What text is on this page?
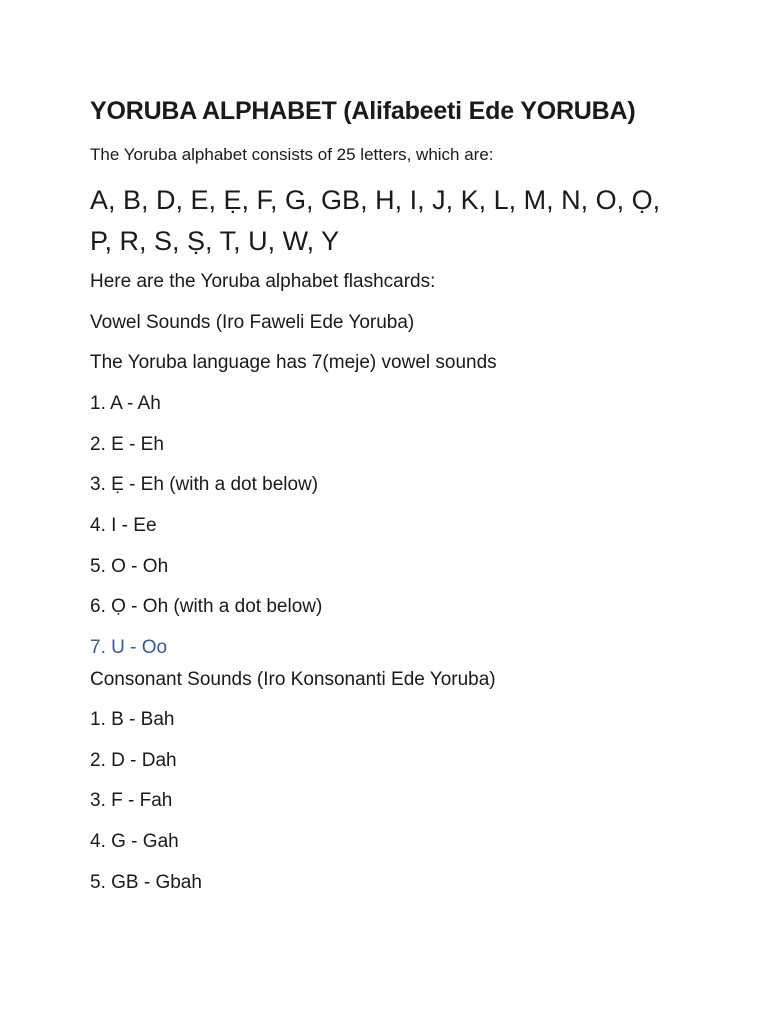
YORUBA ALPHABET (Alifabeeti Ede YORUBA)

The Yoruba alphabet consists of 25 letters, which are:

A, B, D, E, Ẹ, F, G, GB, H, I, J, K, L, M, N, O, Ọ,
P, R, S, Ṣ, T, U, W, Y

Here are the Yoruba alphabet flashcards:

Vowel Sounds (Iro Faweli Ede Yoruba)

The Yoruba language has 7(meje) vowel sounds

1. A - Ah

2. E - Eh

3. Ẹ - Eh (with a dot below)

4. I - Ee

5. O - Oh

6. Ọ - Oh (with a dot below)

7. U - Oo

Consonant Sounds (Iro Konsonanti Ede Yoruba)

1. B - Bah

2. D - Dah

3. F - Fah

4. G - Gah

5. GB - Gbah
